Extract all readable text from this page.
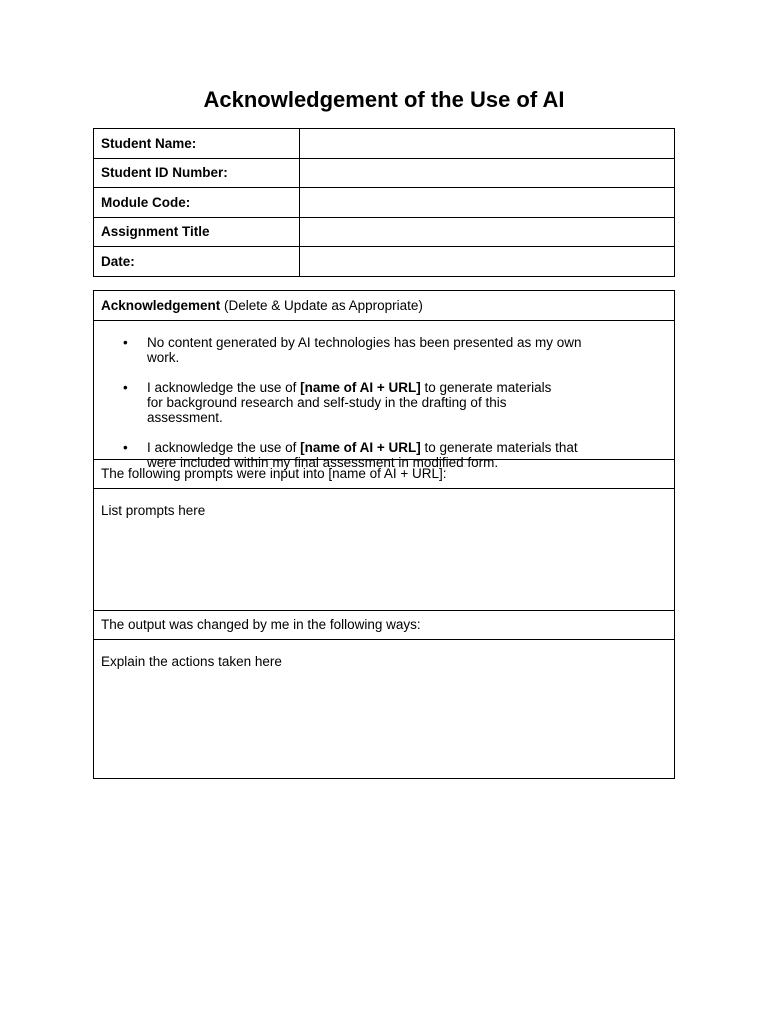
Acknowledgement of the Use of AI
Student Name:	
Student ID Number:	
Module Code:	
Assignment Title	
Date:	
Acknowledgement (Delete & Update as Appropriate)
• No content generated by AI technologies has been presented as my own work.
• I acknowledge the use of [name of AI + URL] to generate materials for background research and self-study in the drafting of this assessment.
• I acknowledge the use of [name of AI + URL] to generate materials that were included within my final assessment in modified form.
The following prompts were input into [name of AI + URL]:
List prompts here
The output was changed by me in the following ways:
Explain the actions taken here
